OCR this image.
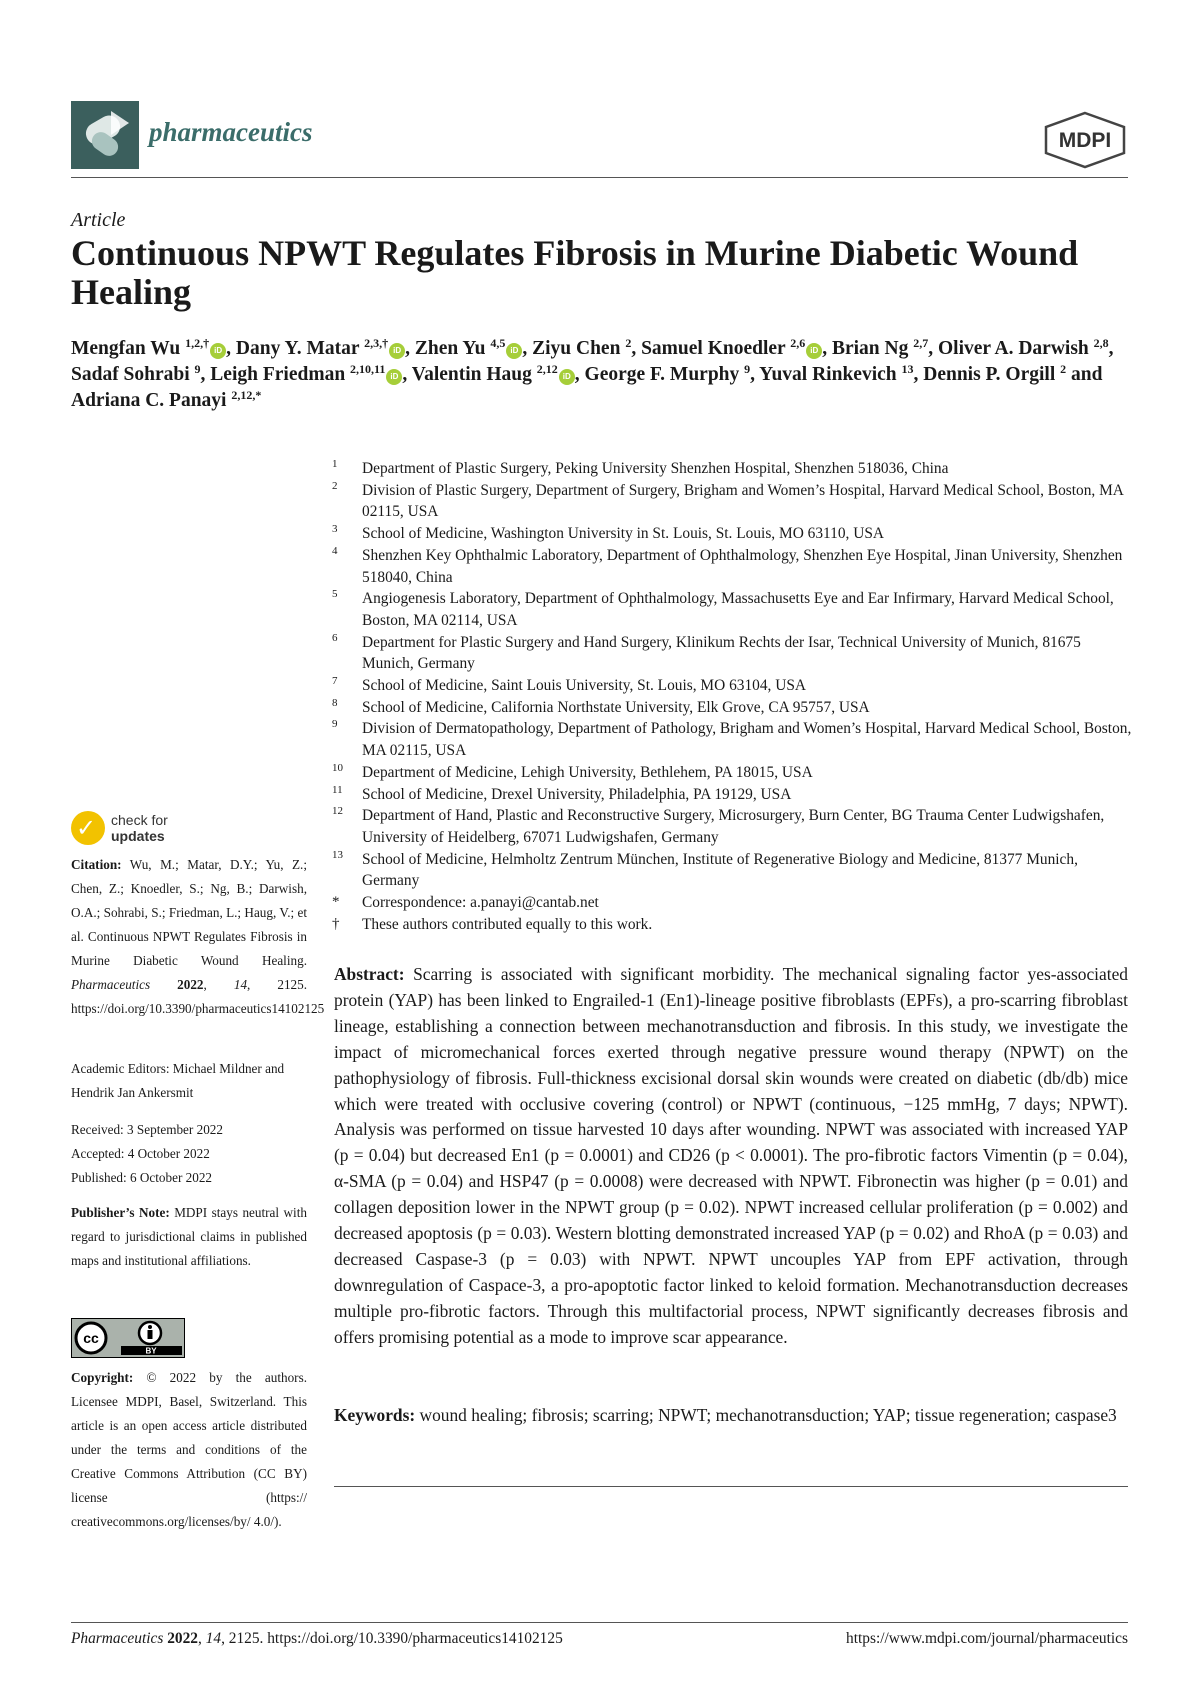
pharmaceutics	MDPI
Article
Continuous NPWT Regulates Fibrosis in Murine Diabetic Wound Healing
Mengfan Wu $^{1,2,\dagger}$iD , Dany Y. Matar $^{2,3,\dagger}$iD , Zhen Yu $^{4,5}$iD , Ziyu Chen $^2$, Samuel Knoedler $^{2,6}$iD , Brian Ng $^{2,7}$, Oliver A. Darwish $^{2,8}$, Sadaf Sohrabi $^9$, Leigh Friedman $^{2,10,11}$iD , Valentin Haug $^{2,12}$iD , George F. Murphy $^9$, Yuval Rinkevich $^{13}$, Dennis P. Orgill $^2$ and Adriana C. Panayi $^{2,12,*}$
1 Department of Plastic Surgery, Peking University Shenzhen Hospital, Shenzhen 518036, China
2 Division of Plastic Surgery, Department of Surgery, Brigham and Women’s Hospital, Harvard Medical School, Boston, MA 02115, USA
3 School of Medicine, Washington University in St. Louis, St. Louis, MO 63110, USA
4 Shenzhen Key Ophthalmic Laboratory, Department of Ophthalmology, Shenzhen Eye Hospital, Jinan University, Shenzhen 518040, China
5 Angiogenesis Laboratory, Department of Ophthalmology, Massachusetts Eye and Ear Infirmary, Harvard Medical School, Boston, MA 02114, USA
6 Department for Plastic Surgery and Hand Surgery, Klinikum Rechts der Isar, Technical University of Munich, 81675 Munich, Germany
7 School of Medicine, Saint Louis University, St. Louis, MO 63104, USA
8 School of Medicine, California Northstate University, Elk Grove, CA 95757, USA
9 Division of Dermatopathology, Department of Pathology, Brigham and Women’s Hospital, Harvard Medical School, Boston, MA 02115, USA
10 Department of Medicine, Lehigh University, Bethlehem, PA 18015, USA
11 School of Medicine, Drexel University, Philadelphia, PA 19129, USA
12 Department of Hand, Plastic and Reconstructive Surgery, Microsurgery, Burn Center, BG Trauma Center Ludwigshafen, University of Heidelberg, 67071 Ludwigshafen, Germany
13 School of Medicine, Helmholtz Zentrum München, Institute of Regenerative Biology and Medicine, 81377 Munich, Germany
* Correspondence: a.panayi@cantab.net
† These authors contributed equally to this work.
Abstract: Scarring is associated with significant morbidity. The mechanical signaling factor yes-associated protein (YAP) has been linked to Engrailed-1 (En1)-lineage positive fibroblasts (EPFs), a pro-scarring fibroblast lineage, establishing a connection between mechanotransduction and fibrosis. In this study, we investigate the impact of micromechanical forces exerted through negative pressure wound therapy (NPWT) on the pathophysiology of fibrosis. Full-thickness excisional dorsal skin wounds were created on diabetic (db/db) mice which were treated with occlusive covering (control) or NPWT (continuous, −125 mmHg, 7 days; NPWT). Analysis was performed on tissue harvested 10 days after wounding. NPWT was associated with increased YAP (p = 0.04) but decreased En1 (p = 0.0001) and CD26 (p < 0.0001). The pro-fibrotic factors Vimentin (p = 0.04), α-SMA (p = 0.04) and HSP47 (p = 0.0008) were decreased with NPWT. Fibronectin was higher (p = 0.01) and collagen deposition lower in the NPWT group (p = 0.02). NPWT increased cellular proliferation (p = 0.002) and decreased apoptosis (p = 0.03). Western blotting demonstrated increased YAP (p = 0.02) and RhoA (p = 0.03) and decreased Caspase-3 (p = 0.03) with NPWT. NPWT uncouples YAP from EPF activation, through downregulation of Caspace-3, a pro-apoptotic factor linked to keloid formation. Mechanotransduction decreases multiple pro-fibrotic factors. Through this multifactorial process, NPWT significantly decreases fibrosis and offers promising potential as a mode to improve scar appearance.
Keywords: wound healing; fibrosis; scarring; NPWT; mechanotransduction; YAP; tissue regeneration; caspase3
✓ check for
updates
Citation: Wu, M.; Matar, D.Y.; Yu, Z.; Chen, Z.; Knoedler, S.; Ng, B.; Darwish, O.A.; Sohrabi, S.; Friedman, L.; Haug, V.; et al. Continuous NPWT Regulates Fibrosis in Murine Diabetic Wound Healing. Pharmaceutics 2022, 14, 2125. https://doi.org/10.3390/pharmaceutics14102125
Academic Editors: Michael Mildner and Hendrik Jan Ankersmit
Received: 3 September 2022
Accepted: 4 October 2022
Published: 6 October 2022
Publisher’s Note: MDPI stays neutral with regard to jurisdictional claims in published maps and institutional affiliations.
cc
BY
Copyright: © 2022 by the authors. Licensee MDPI, Basel, Switzerland. This article is an open access article distributed under the terms and conditions of the Creative Commons Attribution (CC BY) license (https:// creativecommons.org/licenses/by/ 4.0/).
Pharmaceutics 2022, 14, 2125. https://doi.org/10.3390/pharmaceutics14102125	https://www.mdpi.com/journal/pharmaceutics
